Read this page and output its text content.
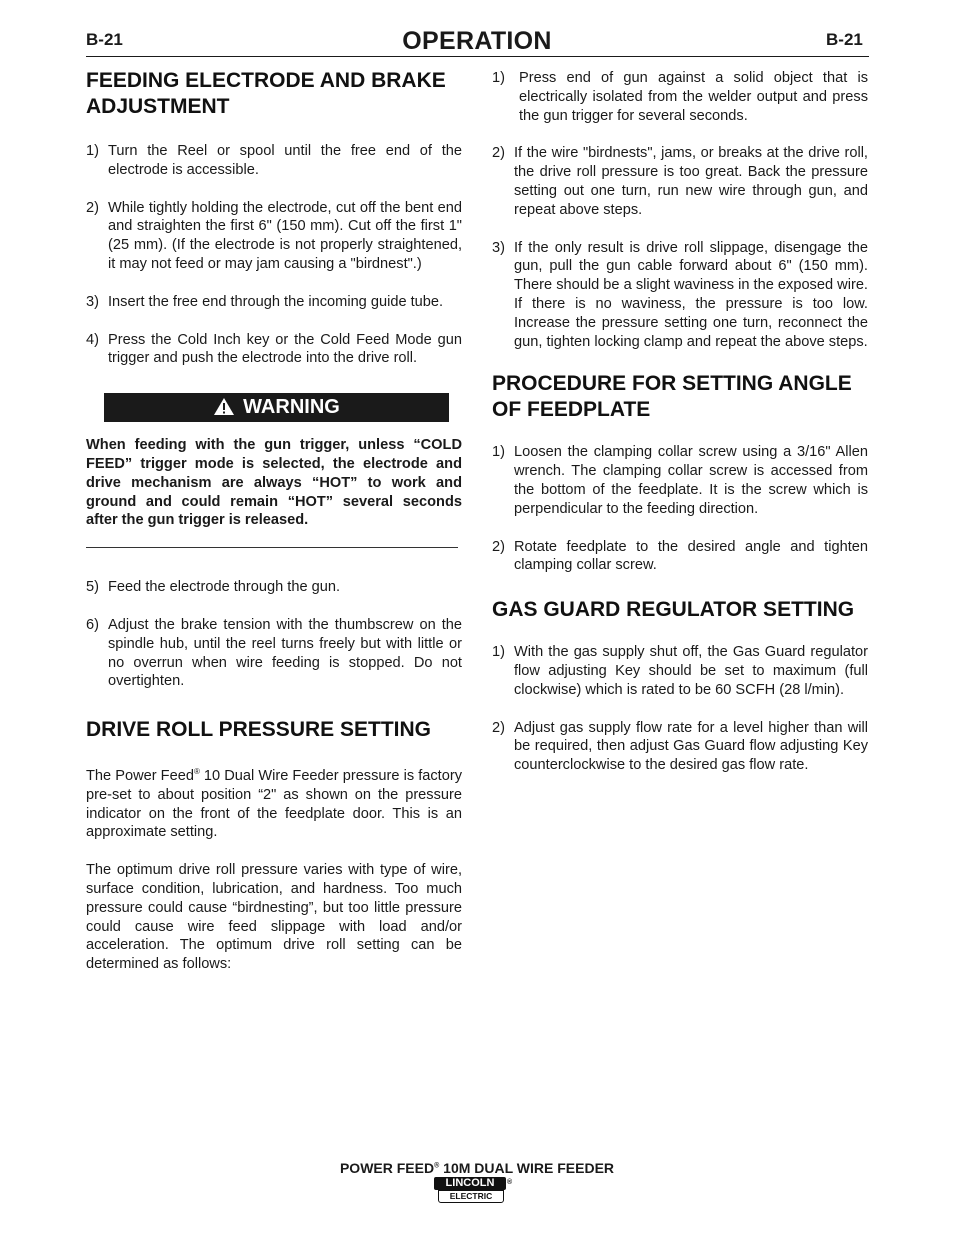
B-21	OPERATION	B-21
FEEDING ELECTRODE AND BRAKE ADJUSTMENT
1) Turn the Reel or spool until the free end of the electrode is accessible.
2) While tightly holding the electrode, cut off the bent end and straighten the first 6" (150 mm). Cut off the first 1" (25 mm). (If the electrode is not properly straightened, it may not feed or may jam causing a "birdnest".)
3) Insert the free end through the incoming guide tube.
4) Press the Cold Inch key or the Cold Feed Mode gun trigger and push the electrode into the drive roll.
WARNING

When feeding with the gun trigger, unless “COLD FEED” trigger mode is selected, the electrode and drive mechanism are always “HOT” to work and ground and could remain “HOT” several seconds after the gun trigger is released.

5) Feed the electrode through the gun.
6) Adjust the brake tension with the thumbscrew on the spindle hub, until the reel turns freely but with little or no overrun when wire feeding is stopped. Do not overtighten.
DRIVE ROLL PRESSURE SETTING

The Power Feed® 10 Dual Wire Feeder pressure is factory pre-set to about position “2" as shown on the pressure indicator on the front of the feedplate door. This is an approximate setting.

The optimum drive roll pressure varies with type of wire, surface condition, lubrication, and hardness. Too much pressure could cause “birdnesting”, but too little pressure could cause wire feed slippage with load and/or acceleration. The optimum drive roll setting can be determined as follows:

1) Press end of gun against a solid object that is electrically isolated from the welder output and press the gun trigger for several seconds.
2) If the wire "birdnests", jams, or breaks at the drive roll, the drive roll pressure is too great. Back the pressure setting out one turn, run new wire through gun, and repeat above steps.
3) If the only result is drive roll slippage, disengage the gun, pull the gun cable forward about 6" (150 mm). There should be a slight waviness in the exposed wire. If there is no waviness, the pressure is too low. Increase the pressure setting one turn, reconnect the gun, tighten locking clamp and repeat the above steps.
PROCEDURE FOR SETTING ANGLE OF FEEDPLATE
1) Loosen the clamping collar screw using a 3/16" Allen wrench. The clamping collar screw is accessed from the bottom of the feedplate. It is the screw which is perpendicular to the feeding direction.
2) Rotate feedplate to the desired angle and tighten clamping collar screw.
GAS GUARD REGULATOR SETTING
1) With the gas supply shut off, the Gas Guard regulator flow adjusting Key should be set to maximum (full clockwise) which is rated to be 60 SCFH (28 l/min).
2) Adjust gas supply flow rate for a level higher than will be required, then adjust Gas Guard flow adjusting Key counterclockwise to the desired gas flow rate.
POWER FEED® 10M DUAL WIRE FEEDER
LINCOLN
ELECTRIC
®
